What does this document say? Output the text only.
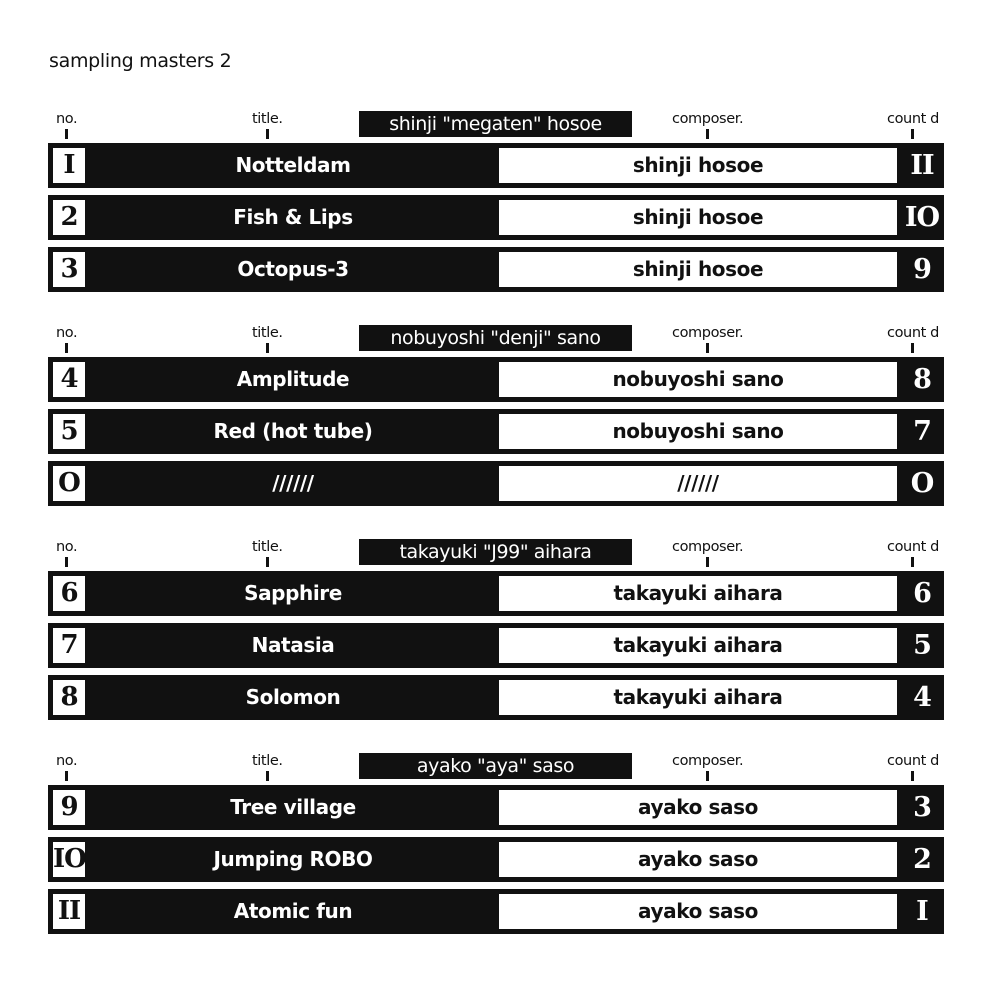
sampling masters 2
no.	title.	shinji "megaten" hosoe	composer.	count d
I	Notteldam	shinji hosoe	II
2	Fish & Lips	shinji hosoe	IO
3	Octopus-3	shinji hosoe	9
no.	title.	nobuyoshi "denji" sano	composer.	count d
4	Amplitude	nobuyoshi sano	8
5	Red (hot tube)	nobuyoshi sano	7
O	//////	//////	O
no.	title.	takayuki "J99" aihara	composer.	count d
6	Sapphire	takayuki aihara	6
7	Natasia	takayuki aihara	5
8	Solomon	takayuki aihara	4
no.	title.	ayako "aya" saso	composer.	count d
9	Tree village	ayako saso	3
IO	Jumping ROBO	ayako saso	2
II	Atomic fun	ayako saso	I
